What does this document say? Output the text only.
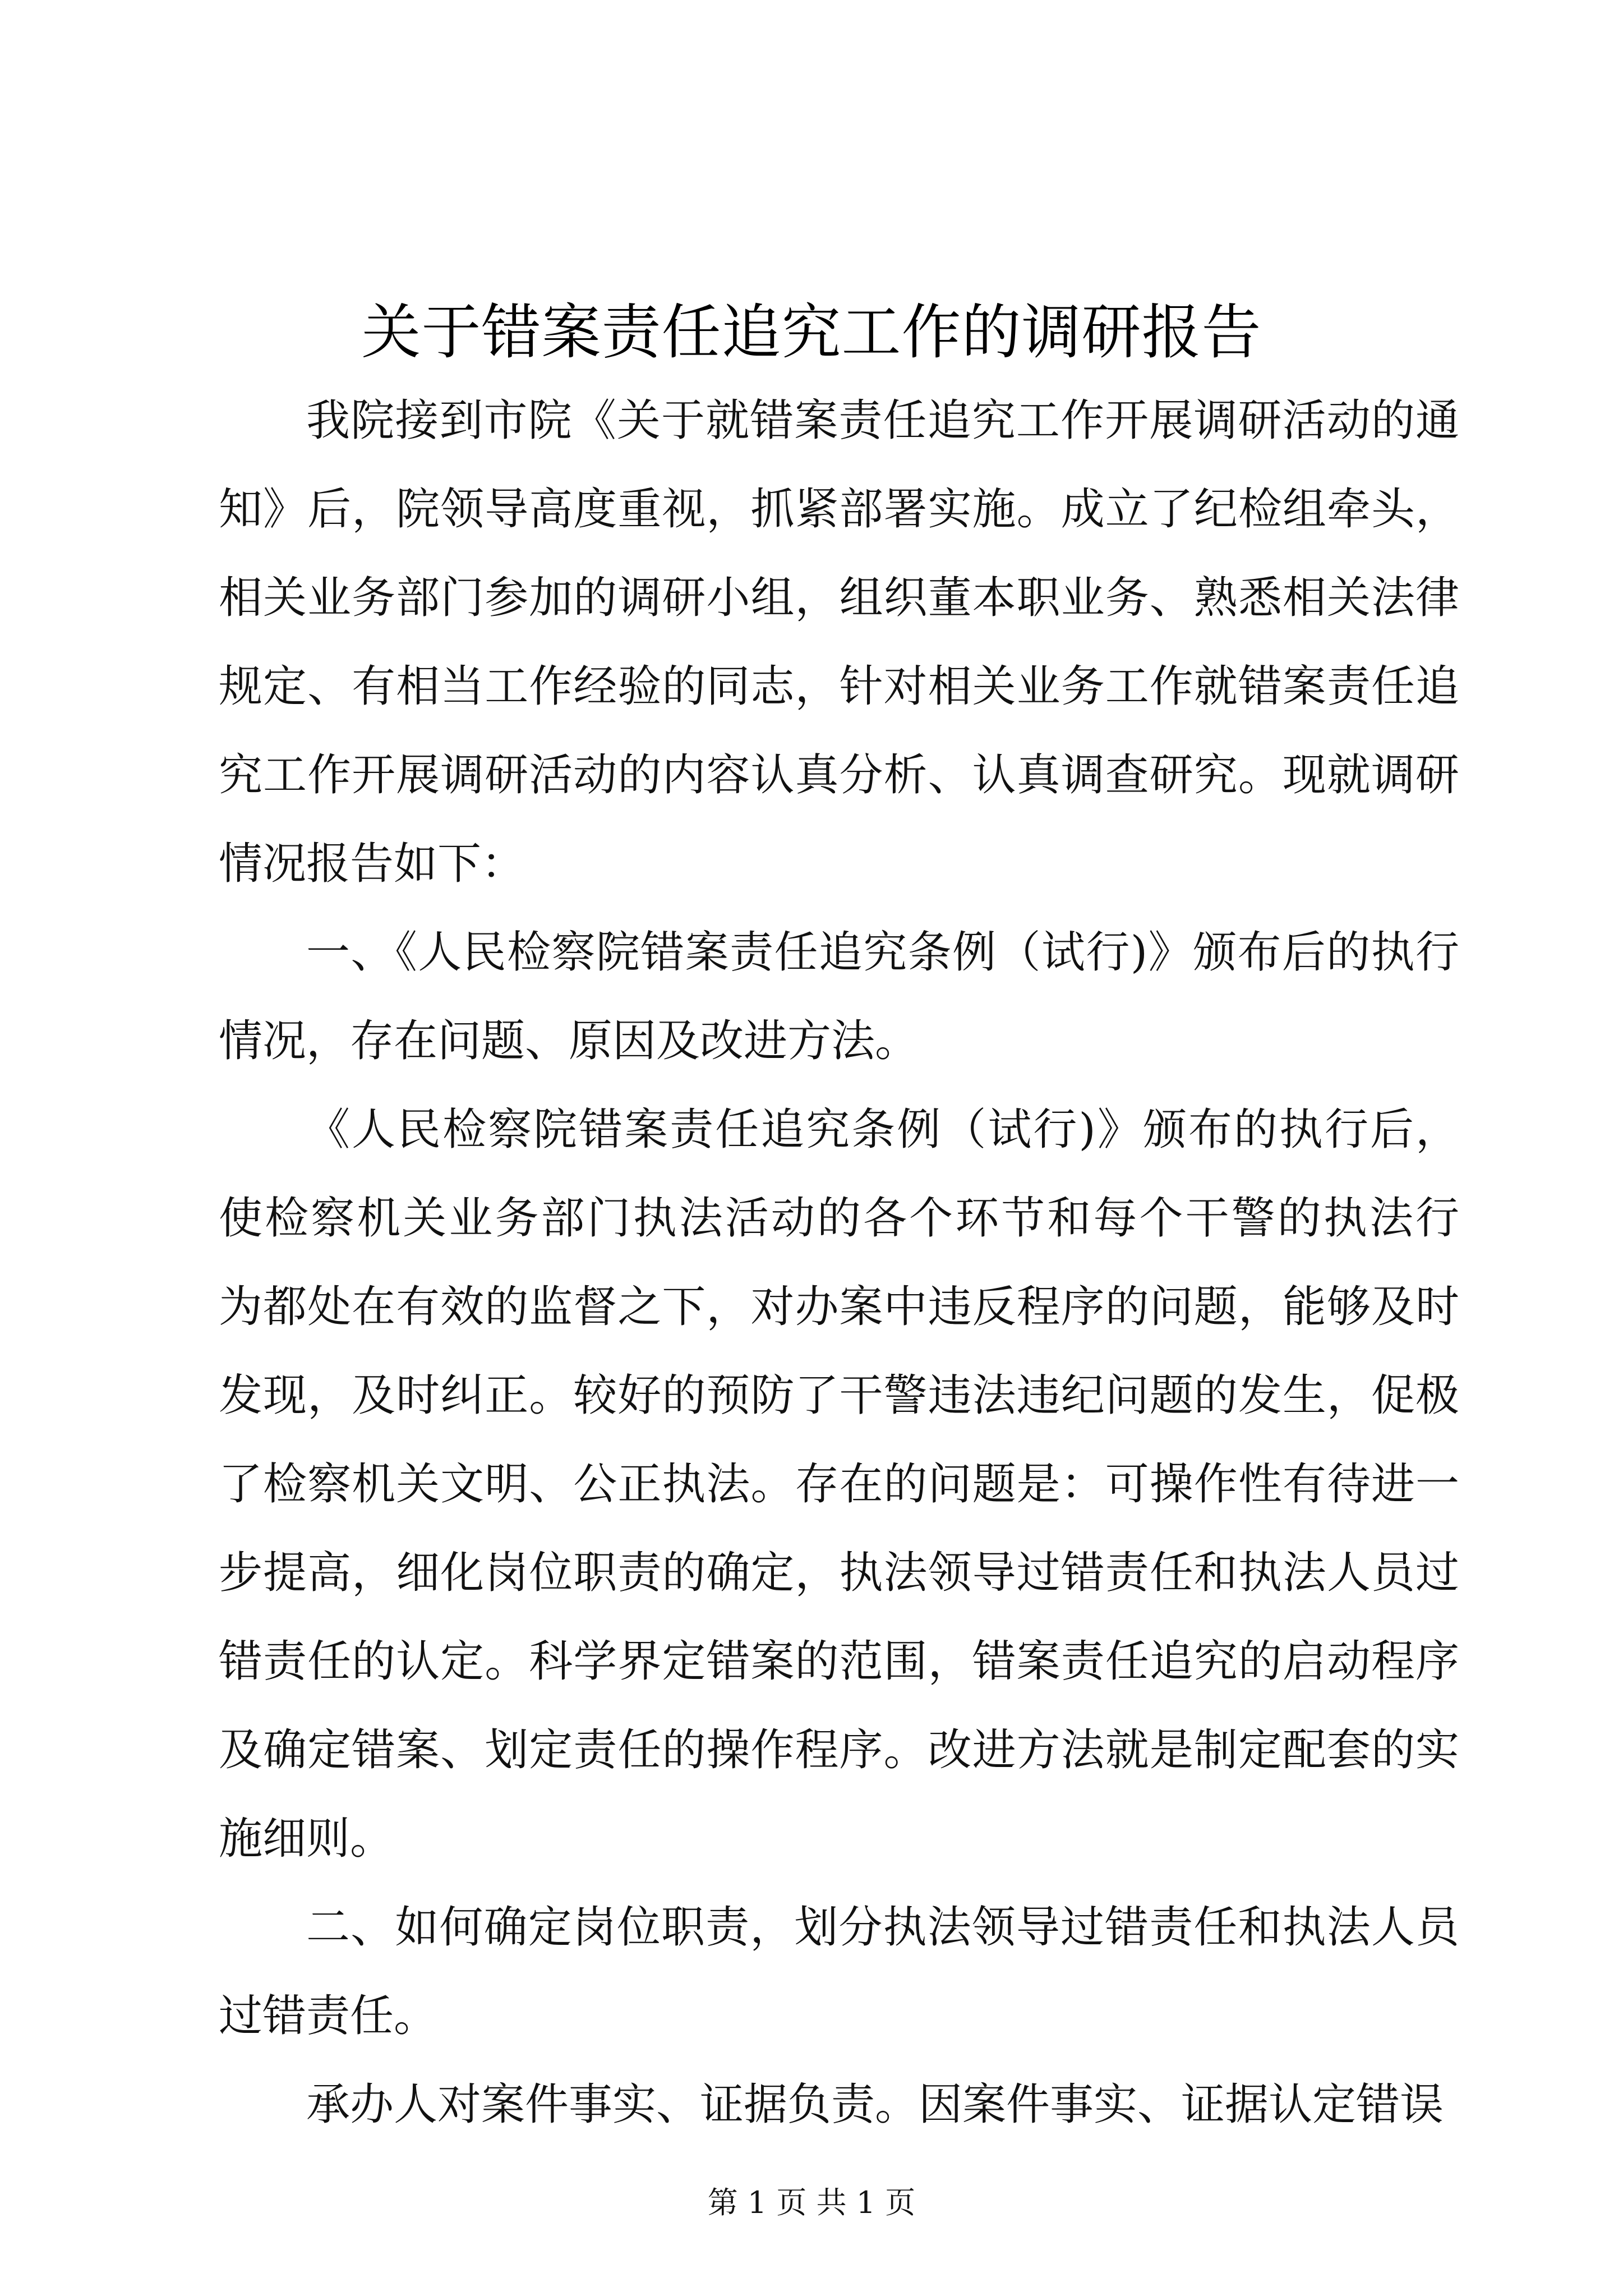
关于错案责任追究工作的调研报告
我院接到市院《关于就错案责任追究工作开展调研活动的通
知》后，院领导高度重视，抓紧部署实施。成立了纪检组牵头，
相关业务部门参加的调研小组，组织董本职业务、熟悉相关法律
规定、有相当工作经验的同志，针对相关业务工作就错案责任追
究工作开展调研活动的内容认真分析、认真调查研究。现就调研
情况报告如下：
一、《人民检察院错案责任追究条例（试行)》颁布后的执行
情况，存在问题、原因及改进方法。
《人民检察院错案责任追究条例（试行)》颁布的执行后，
使检察机关业务部门执法活动的各个环节和每个干警的执法行
为都处在有效的监督之下，对办案中违反程序的问题，能够及时
发现，及时纠正。较好的预防了干警违法违纪问题的发生，促极
了检察机关文明、公正执法。存在的问题是：可操作性有待进一
步提高，细化岗位职责的确定，执法领导过错责任和执法人员过
错责任的认定。科学界定错案的范围，错案责任追究的启动程序
及确定错案、划定责任的操作程序。改进方法就是制定配套的实
施细则。
二、如何确定岗位职责，划分执法领导过错责任和执法人员
过错责任。
承办人对案件事实、证据负责。因案件事实、证据认定错误
第 1 页 共 1 页
